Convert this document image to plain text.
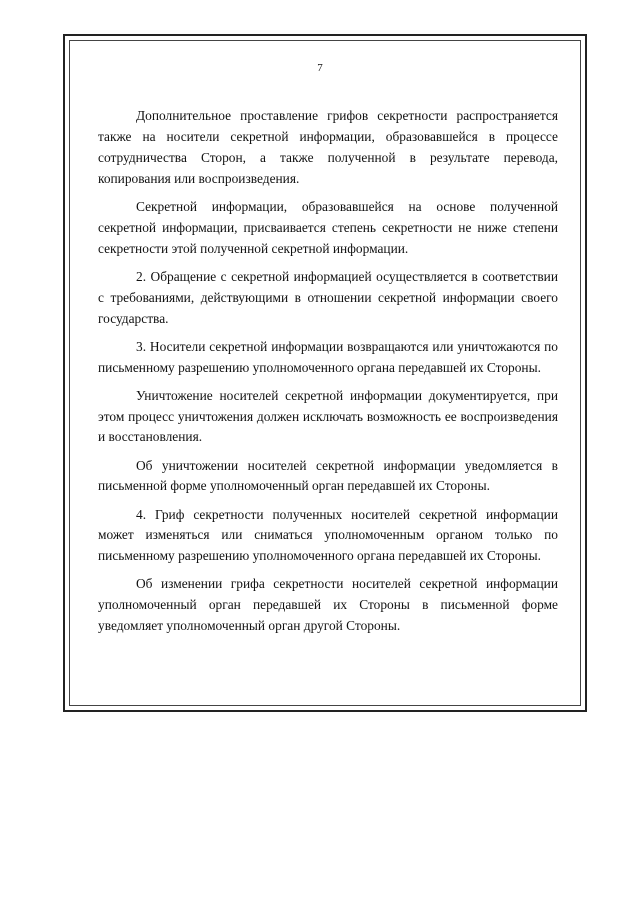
7

Дополнительное проставление грифов секретности распространяется также на носители секретной информации, образовавшейся в процессе сотрудничества Сторон, а также полученной в результате перевода, копирования или воспроизведения.

Секретной информации, образовавшейся на основе полученной секретной информации, присваивается степень секретности не ниже степени секретности этой полученной секретной информации.

2. Обращение с секретной информацией осуществляется в соответствии с требованиями, действующими в отношении секретной информации своего государства.

3. Носители секретной информации возвращаются или уничтожаются по письменному разрешению уполномоченного органа передавшей их Стороны.

Уничтожение носителей секретной информации документируется, при этом процесс уничтожения должен исключать возможность ее воспроизведения и восстановления.

Об уничтожении носителей секретной информации уведомляется в письменной форме уполномоченный орган передавшей их Стороны.

4. Гриф секретности полученных носителей секретной информации может изменяться или сниматься уполномоченным органом только по письменному разрешению уполномоченного органа передавшей их Стороны.

Об изменении грифа секретности носителей секретной информации уполномоченный орган передавшей их Стороны в письменной форме уведомляет уполномоченный орган другой Стороны.
